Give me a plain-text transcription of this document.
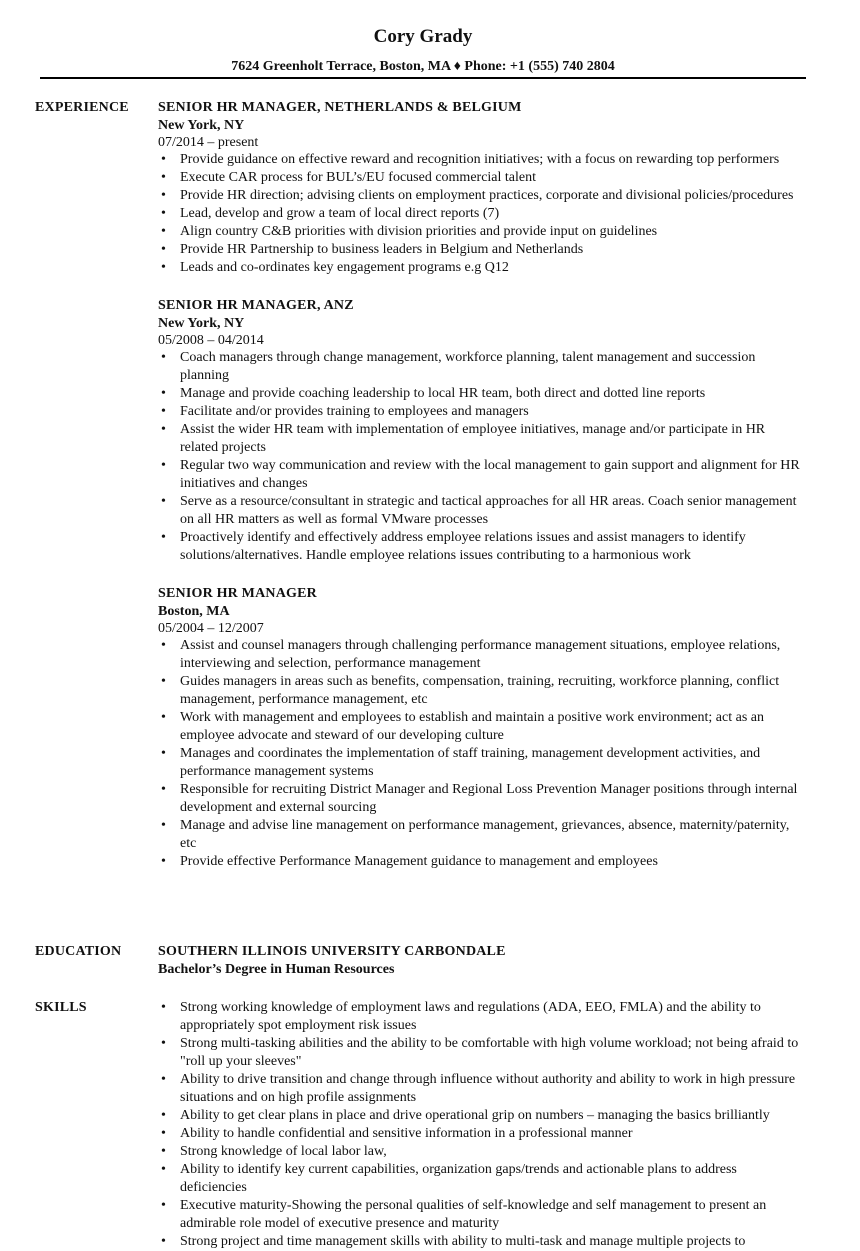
Cory Grady
7624 Greenholt Terrace, Boston, MA ♦ Phone: +1 (555) 740 2804
EXPERIENCE SENIOR HR MANAGER, NETHERLANDS & BELGIUM
New York, NY
07/2014 – present
• Provide guidance on effective reward and recognition initiatives; with a focus on rewarding top performers
• Execute CAR process for BUL’s/EU focused commercial talent
• Provide HR direction; advising clients on employment practices, corporate and divisional policies/procedures
• Lead, develop and grow a team of local direct reports (7)
• Align country C&B priorities with division priorities and provide input on guidelines
• Provide HR Partnership to business leaders in Belgium and Netherlands
• Leads and co-ordinates key engagement programs e.g Q12
SENIOR HR MANAGER, ANZ
New York, NY
05/2008 – 04/2014
• Coach managers through change management, workforce planning, talent management and succession planning
• Manage and provide coaching leadership to local HR team, both direct and dotted line reports
• Facilitate and/or provides training to employees and managers
• Assist the wider HR team with implementation of employee initiatives, manage and/or participate in HR related projects
• Regular two way communication and review with the local management to gain support and alignment for HR initiatives and changes
• Serve as a resource/consultant in strategic and tactical approaches for all HR areas. Coach senior management on all HR matters as well as formal VMware processes
• Proactively identify and effectively address employee relations issues and assist managers to identify solutions/alternatives. Handle employee relations issues contributing to a harmonious work
SENIOR HR MANAGER
Boston, MA
05/2004 – 12/2007
• Assist and counsel managers through challenging performance management situations, employee relations, interviewing and selection, performance management
• Guides managers in areas such as benefits, compensation, training, recruiting, workforce planning, conflict management, performance management, etc
• Work with management and employees to establish and maintain a positive work environment; act as an employee advocate and steward of our developing culture
• Manages and coordinates the implementation of staff training, management development activities, and performance management systems
• Responsible for recruiting District Manager and Regional Loss Prevention Manager positions through internal development and external sourcing
• Manage and advise line management on performance management, grievances, absence, maternity/paternity, etc
• Provide effective Performance Management guidance to management and employees
EDUCATION	SOUTHERN ILLINOIS UNIVERSITY CARBONDALE
Bachelor’s Degree in Human Resources
SKILLS	• Strong working knowledge of employment laws and regulations (ADA, EEO, FMLA) and the ability to appropriately spot employment risk issues
• Strong multi-tasking abilities and the ability to be comfortable with high volume workload; not being afraid to "roll up your sleeves"
• Ability to drive transition and change through influence without authority and ability to work in high pressure situations and on high profile assignments
• Ability to get clear plans in place and drive operational grip on numbers – managing the basics brilliantly
• Ability to handle confidential and sensitive information in a professional manner
• Strong knowledge of local labor law,
• Ability to identify key current capabilities, organization gaps/trends and actionable plans to address deficiencies
• Executive maturity-Showing the personal qualities of self-knowledge and self management to present an admirable role model of executive presence and maturity
• Strong project and time management skills with ability to multi-task and manage multiple projects to
